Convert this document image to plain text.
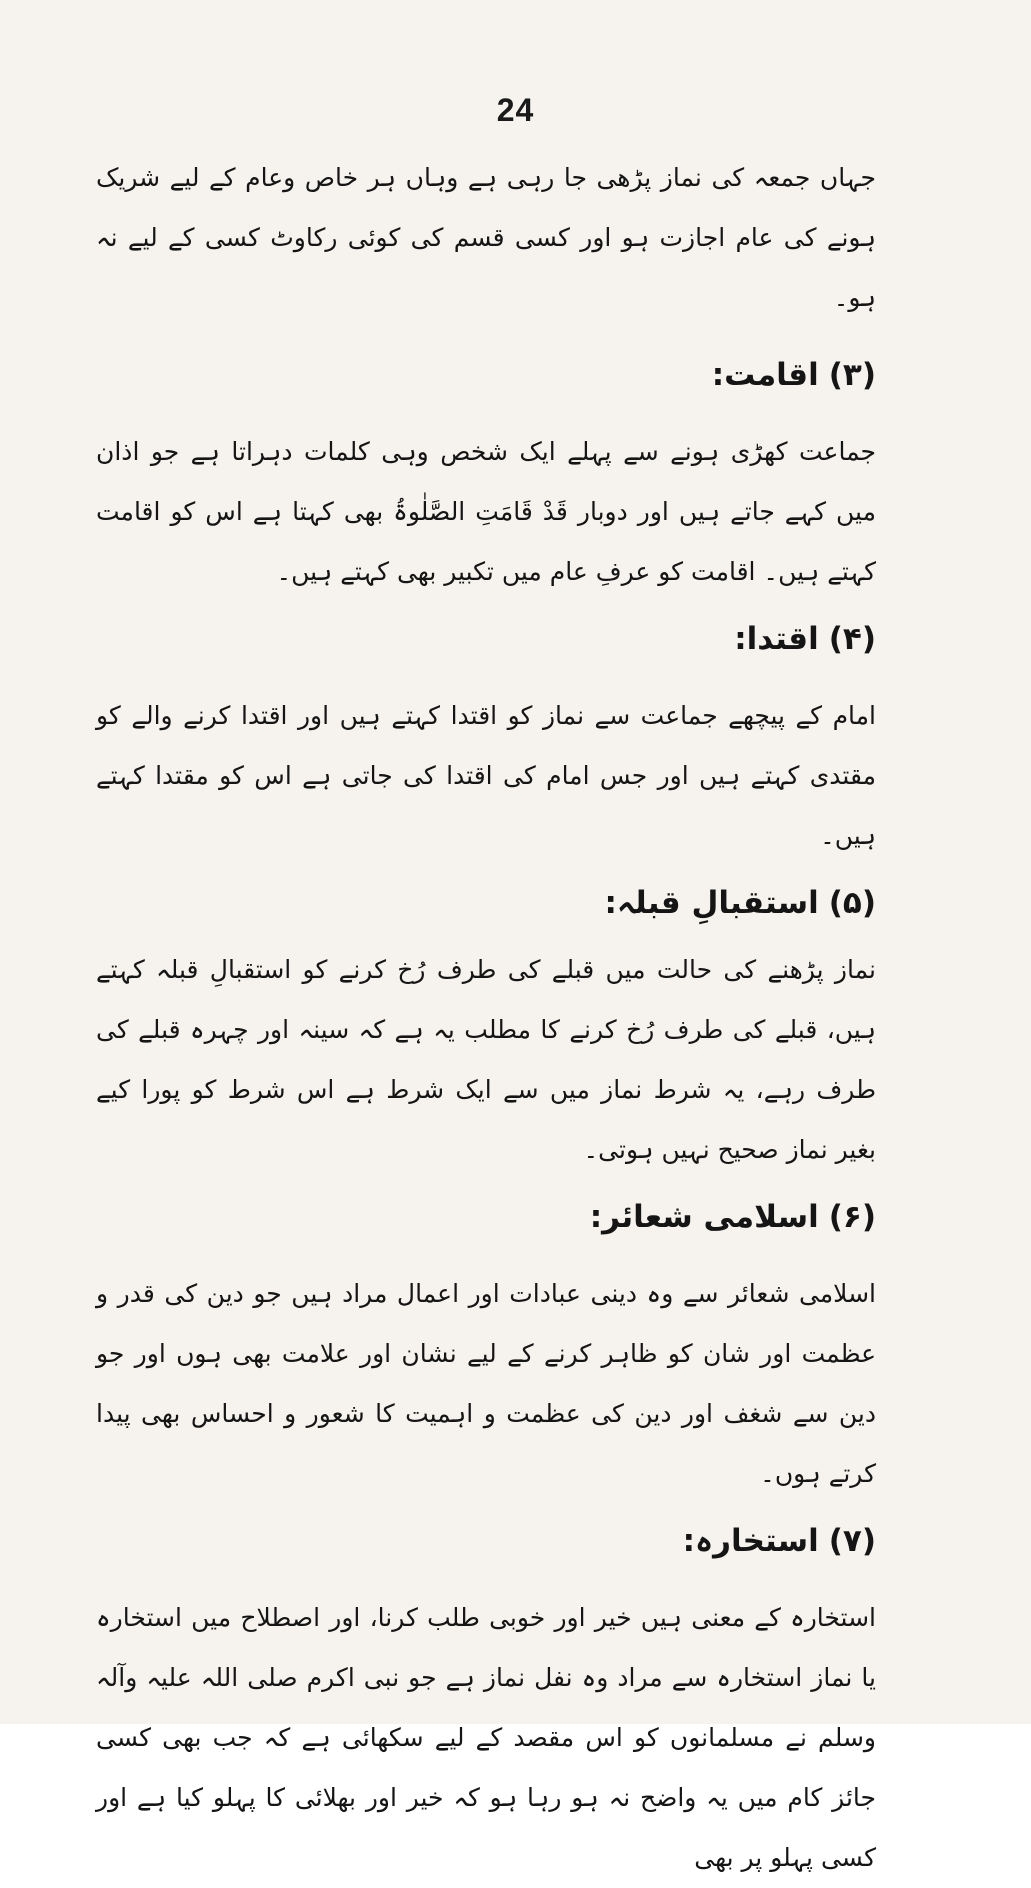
24

جہاں جمعہ کی نماز پڑھی جا رہی ہے وہاں ہر خاص وعام کے لیے شریک ہونے کی عام اجازت ہو اور کسی قسم کی کوئی رکاوٹ کسی کے لیے نہ ہو۔

(۳)اقامت:

جماعت کھڑی ہونے سے پہلے ایک شخص وہی کلمات دہراتا ہے جو اذان میں کہے جاتے ہیں اور دوبار قَدْ قَامَتِ الصَّلٰوۃُ بھی کہتا ہے اس کو اقامت کہتے ہیں۔ اقامت کو عرفِ عام میں تکبیر بھی کہتے ہیں۔

(۴)اقتدا:

امام کے پیچھے جماعت سے نماز کو اقتدا کہتے ہیں اور اقتدا کرنے والے کو مقتدی کہتے ہیں اور جس امام کی اقتدا کی جاتی ہے اس کو مقتدا کہتے ہیں۔

(۵)استقبالِ قبلہ:

نماز پڑھنے کی حالت میں قبلے کی طرف رُخ کرنے کو استقبالِ قبلہ کہتے ہیں، قبلے کی طرف رُخ کرنے کا مطلب یہ ہے کہ سینہ اور چہرہ قبلے کی طرف رہے، یہ شرط نماز میں سے ایک شرط ہے اس شرط کو پورا کیے بغیر نماز صحیح نہیں ہوتی۔

(۶)اسلامی شعائر:

اسلامی شعائر سے وہ دینی عبادات اور اعمال مراد ہیں جو دین کی قدر و عظمت اور شان کو ظاہر کرنے کے لیے نشان اور علامت بھی ہوں اور جو دین سے شغف اور دین کی عظمت و اہمیت کا شعور و احساس بھی پیدا کرتے ہوں۔

(۷)استخارہ:

استخارہ کے معنی ہیں خیر اور خوبی طلب کرنا، اور اصطلاح میں استخارہ یا نماز استخارہ سے مراد وہ نفل نماز ہے جو نبی اکرم صلی اللہ علیہ وآلہ وسلم نے مسلمانوں کو اس مقصد کے لیے سکھائی ہے کہ جب بھی کسی جائز کام میں یہ واضح نہ ہو رہا ہو کہ خیر اور بھلائی کا پہلو کیا ہے اور کسی پہلو پر بھی
